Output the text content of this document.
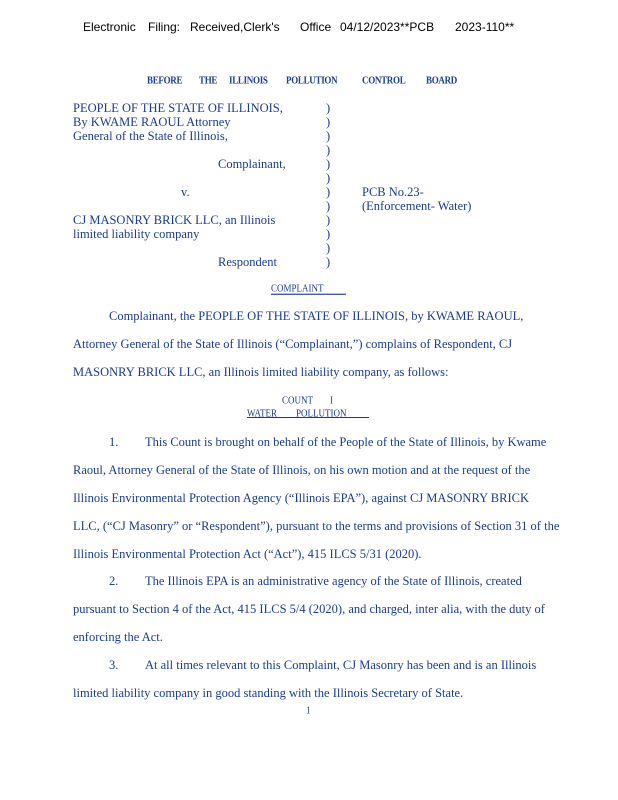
Electronic Filing: Received,Clerk's Office 04/12/2023**PCB 2023-110**
BEFORE THE ILLINOIS POLLUTION	CONTROL BOARD
PEOPLE OF THE STATE OF ILLINOIS,
By KWAME RAOUL Attorney
General of the State of Illinois,
Complainant,
v.
CJ MASONRY BRICK LLC, an Illinois
limited liability company
Respondent
PCB No.23-
(Enforcement- Water)
)
)
)
)
)
)
)
)
)
)
)
)
COMPLAINT
Complainant, the PEOPLE OF THE STATE OF ILLINOIS, by KWAME RAOUL,
Attorney General of the State of Illinois (“Complainant,”) complains of Respondent, CJ
MASONRY BRICK LLC, an Illinois limited liability company, as follows:
COUNT I
WATER POLLUTION
1. This Count is brought on behalf of the People of the State of Illinois, by Kwame
Raoul, Attorney General of the State of Illinois, on his own motion and at the request of the
Illinois Environmental Protection Agency (“Illinois EPA”), against CJ MASONRY BRICK
LLC, (“CJ Masonry” or “Respondent”), pursuant to the terms and provisions of Section 31 of the
Illinois Environmental Protection Act (“Act”), 415 ILCS 5/31 (2020).
2. The Illinois EPA is an administrative agency of the State of Illinois, created
pursuant to Section 4 of the Act, 415 ILCS 5/4 (2020), and charged, inter alia, with the duty of
enforcing the Act.
3. At all times relevant to this Complaint, CJ Masonry has been and is an Illinois
limited liability company in good standing with the Illinois Secretary of State.
1
